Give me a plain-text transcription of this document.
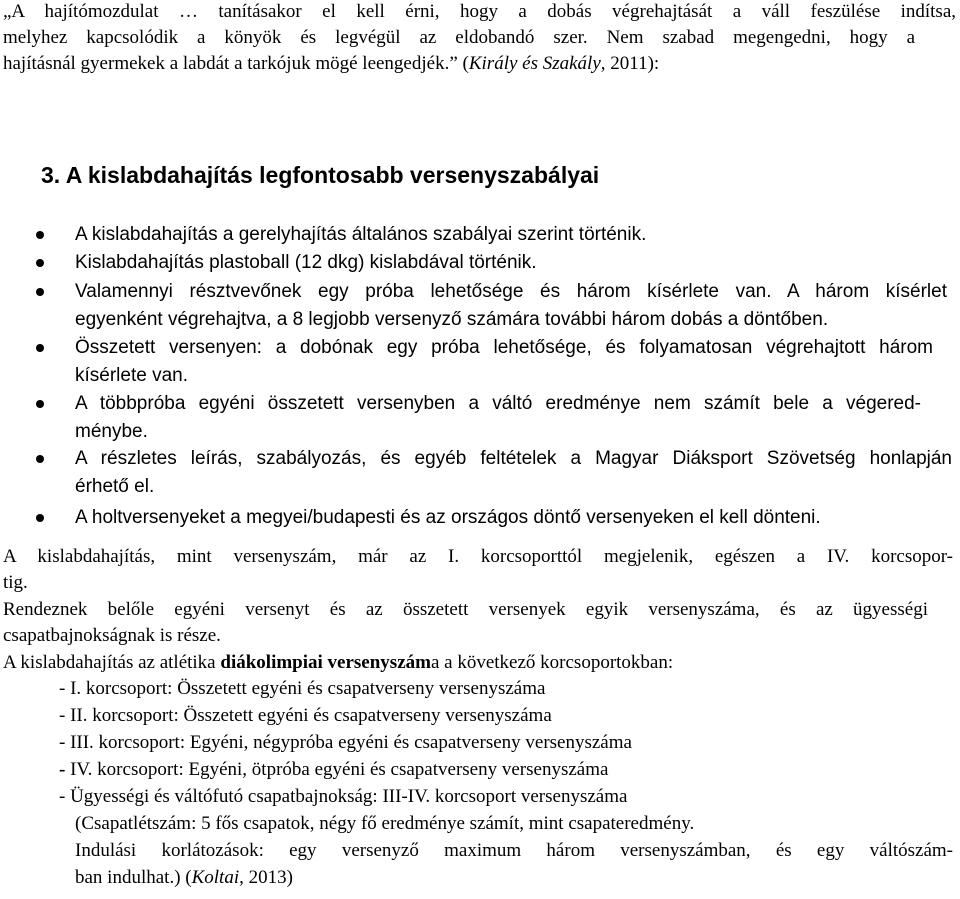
„A hajítómozdulat … tanításakor el kell érni, hogy a dobás végrehajtását a váll feszülése indítsa,
melyhez kapcsolódik a könyök és legvégül az eldobandó szer. Nem szabad megengedni, hogy a
hajításnál gyermekek a labdát a tarkójuk mögé leengedjék.” (Király és Szakály, 2011):
3. A kislabdahajítás legfontosabb versenyszabályai
A kislabdahajítás a gerelyhajítás általános szabályai szerint történik.
Kislabdahajítás plastoball (12 dkg) kislabdával történik.
Valamennyi résztvevőnek egy próba lehetősége és három kísérlete van. A három kísérlet
egyenként végrehajtva, a 8 legjobb versenyző számára további három dobás a döntőben.
Összetett versenyen: a dobónak egy próba lehetősége, és folyamatosan végrehajtott három
kísérlete van.
A többpróba egyéni összetett versenyben a váltó eredménye nem számít bele a végered-
ménybe.
A részletes leírás, szabályozás, és egyéb feltételek a Magyar Diáksport Szövetség honlapján
érhető el.
A holtversenyeket a megyei/budapesti és az országos döntő versenyeken el kell dönteni.
A kislabdahajítás, mint versenyszám, már az I. korcsoporttól megjelenik, egészen a IV. korcsopor-
tig.
Rendeznek belőle egyéni versenyt és az összetett versenyek egyik versenyszáma, és az ügyességi
csapatbajnokságnak is része.
A kislabdahajítás az atlétika diákolimpiai versenyszáma a következő korcsoportokban:
- I. korcsoport: Összetett egyéni és csapatverseny versenyszáma
- II. korcsoport: Összetett egyéni és csapatverseny versenyszáma
- III. korcsoport: Egyéni, négypróba egyéni és csapatverseny versenyszáma
- IV. korcsoport: Egyéni, ötpróba egyéni és csapatverseny versenyszáma
- Ügyességi és váltófutó csapatbajnokság: III-IV. korcsoport versenyszáma
(Csapatlétszám: 5 fős csapatok, négy fő eredménye számít, mint csapateredmény.
Indulási korlátozások: egy versenyző maximum három versenyszámban, és egy váltószám-
ban indulhat.) (Koltai, 2013)
